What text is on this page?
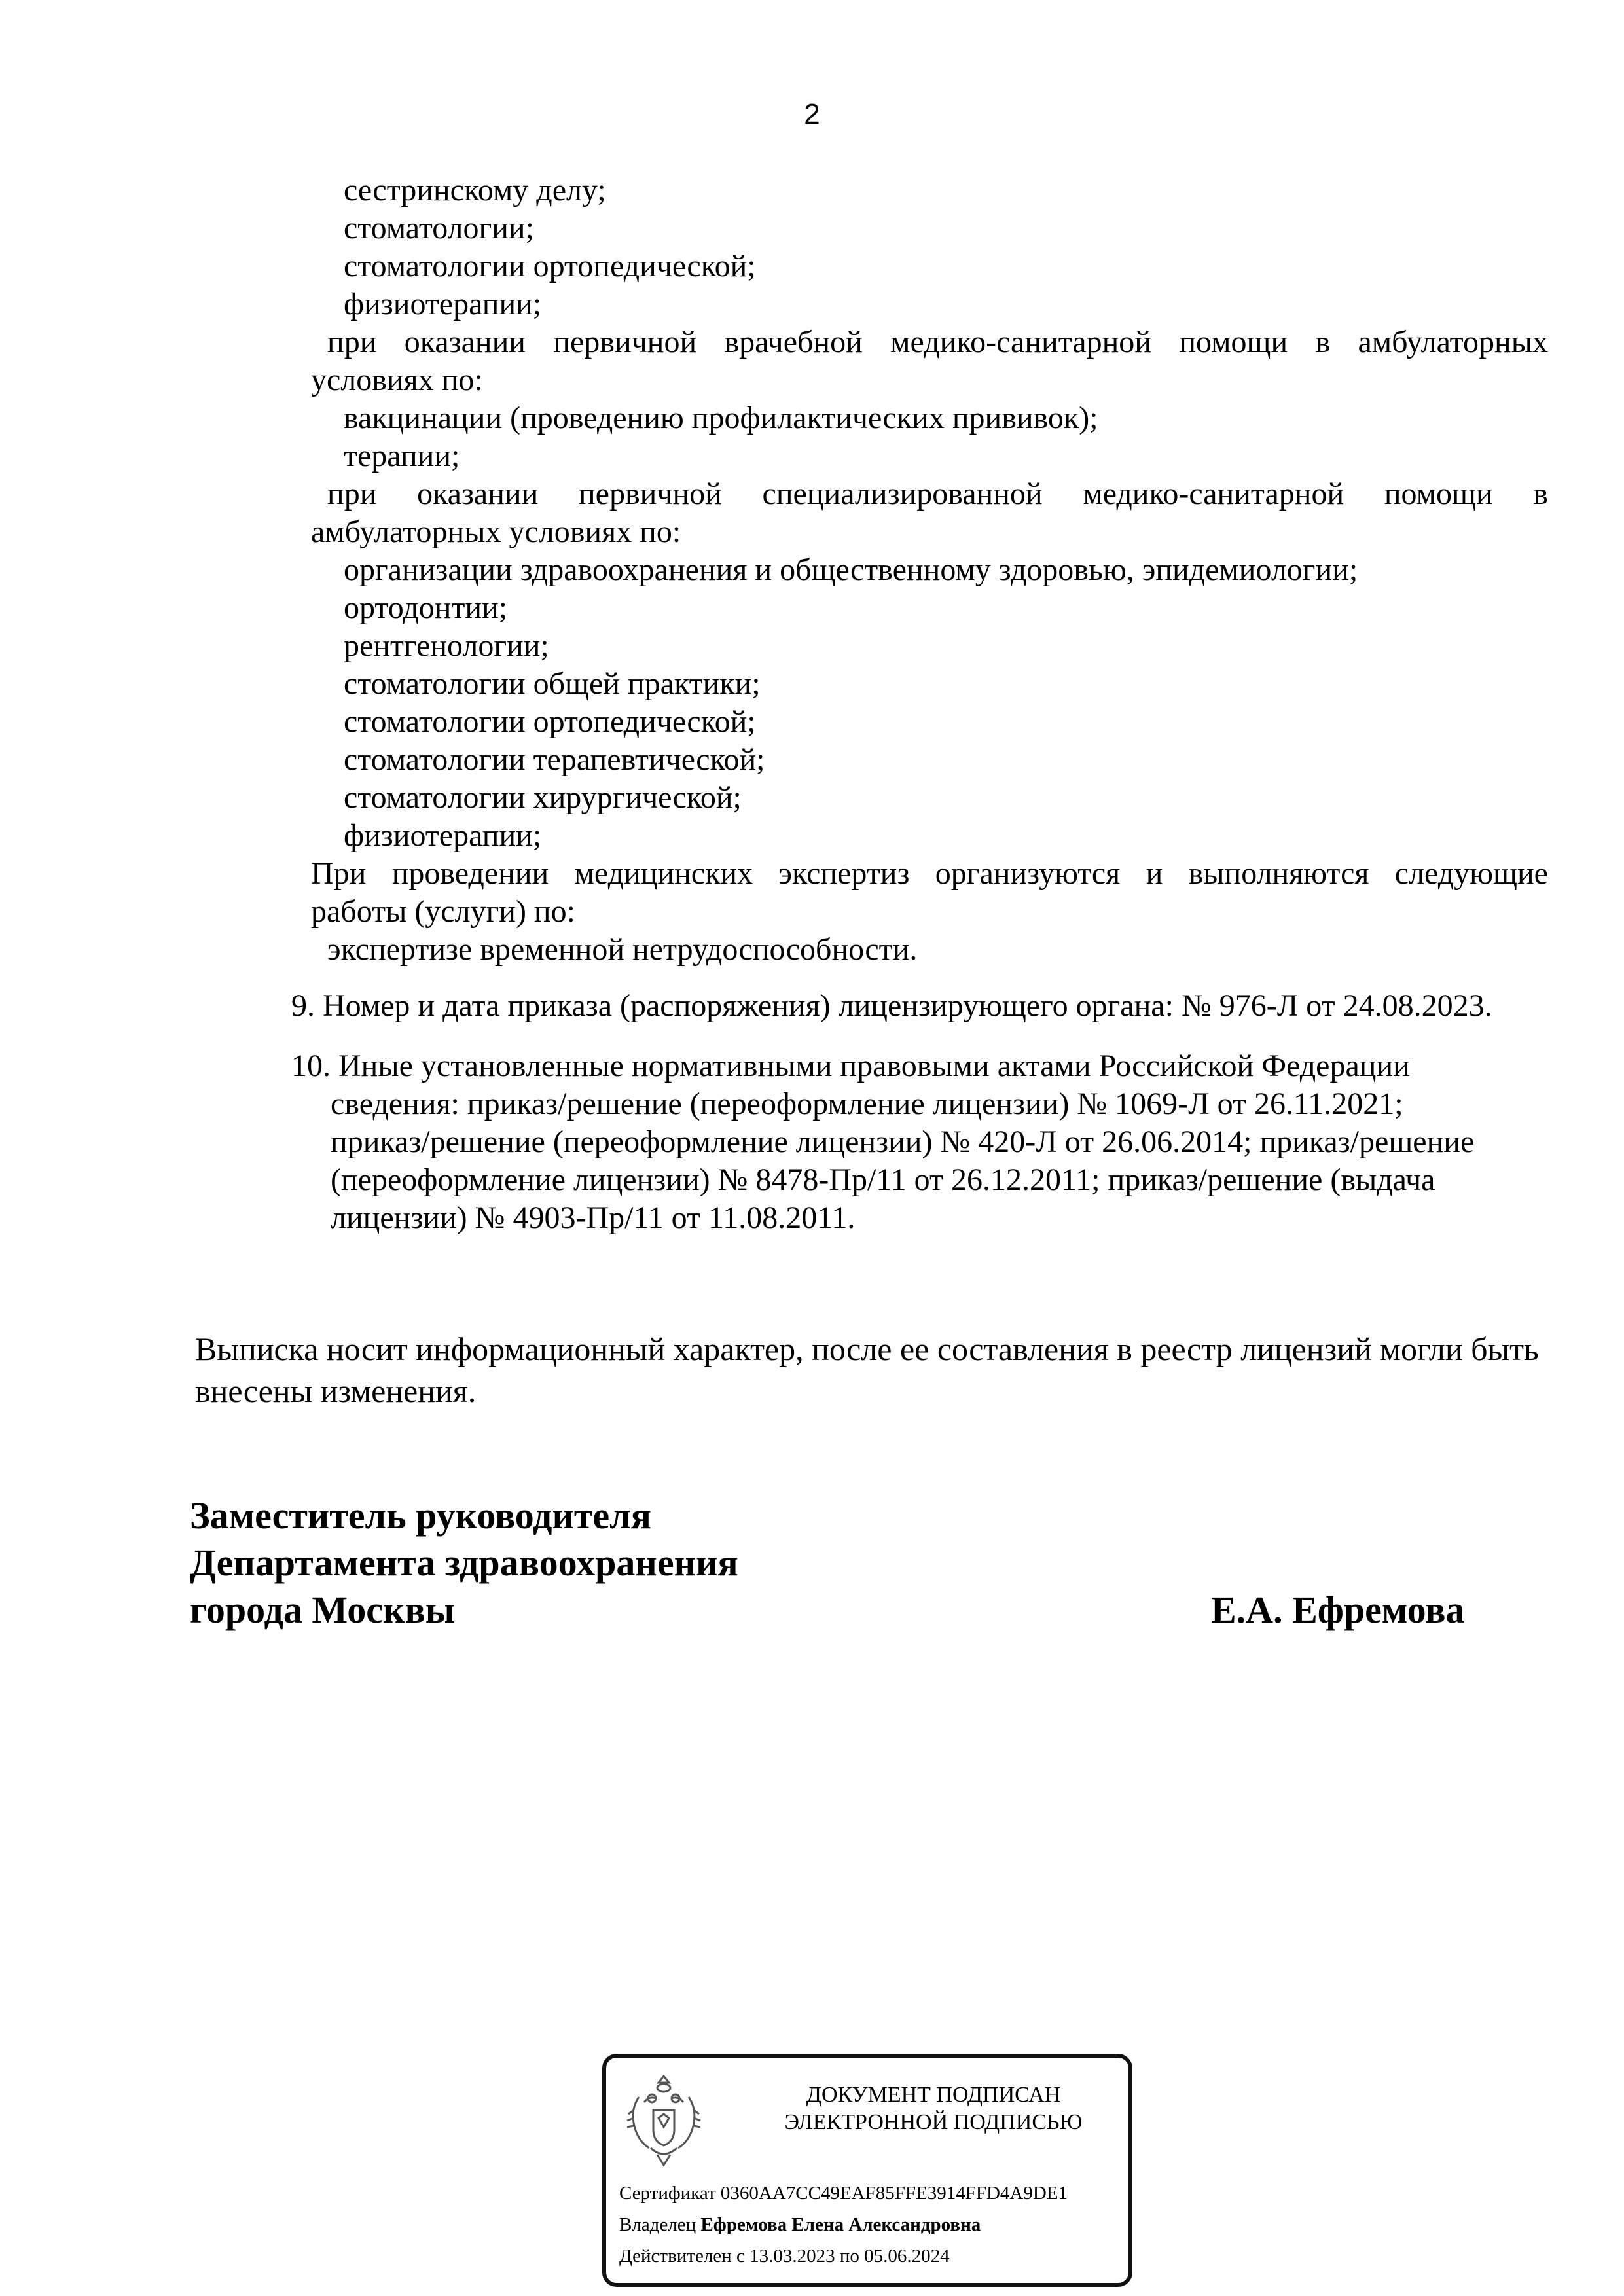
2
сестринскому делу;
стоматологии;
стоматологии ортопедической;
физиотерапии;
при оказании первичной врачебной медико-санитарной помощи в амбулаторных
условиях по:
вакцинации (проведению профилактических прививок);
терапии;
при оказании первичной специализированной медико-санитарной помощи в
амбулаторных условиях по:
организации здравоохранения и общественному здоровью, эпидемиологии;
ортодонтии;
рентгенологии;
стоматологии общей практики;
стоматологии ортопедической;
стоматологии терапевтической;
стоматологии хирургической;
физиотерапии;
При проведении медицинских экспертиз организуются и выполняются следующие
работы (услуги) по:
экспертизе временной нетрудоспособности.
9. Номер и дата приказа (распоряжения) лицензирующего органа: № 976-Л от 24.08.2023.
10. Иные установленные нормативными правовыми актами Российской Федерации
сведения: приказ/решение (переоформление лицензии) № 1069-Л от 26.11.2021;
приказ/решение (переоформление лицензии) № 420-Л от 26.06.2014; приказ/решение
(переоформление лицензии) № 8478-Пр/11 от 26.12.2011; приказ/решение (выдача
лицензии) № 4903-Пр/11 от 11.08.2011.
Выписка носит информационный характер, после ее составления в реестр лицензий могли быть
внесены изменения.
Заместитель руководителя
Департамента здравоохранения
города Москвы	Е.А. Ефремова
ДОКУМЕНТ ПОДПИСАН
ЭЛЕКТРОННОЙ ПОДПИСЬЮ
Сертификат 0360AA7CC49EAF85FFE3914FFD4A9DE1
Владелец Ефремова Елена Александровна
Действителен с 13.03.2023 по 05.06.2024
